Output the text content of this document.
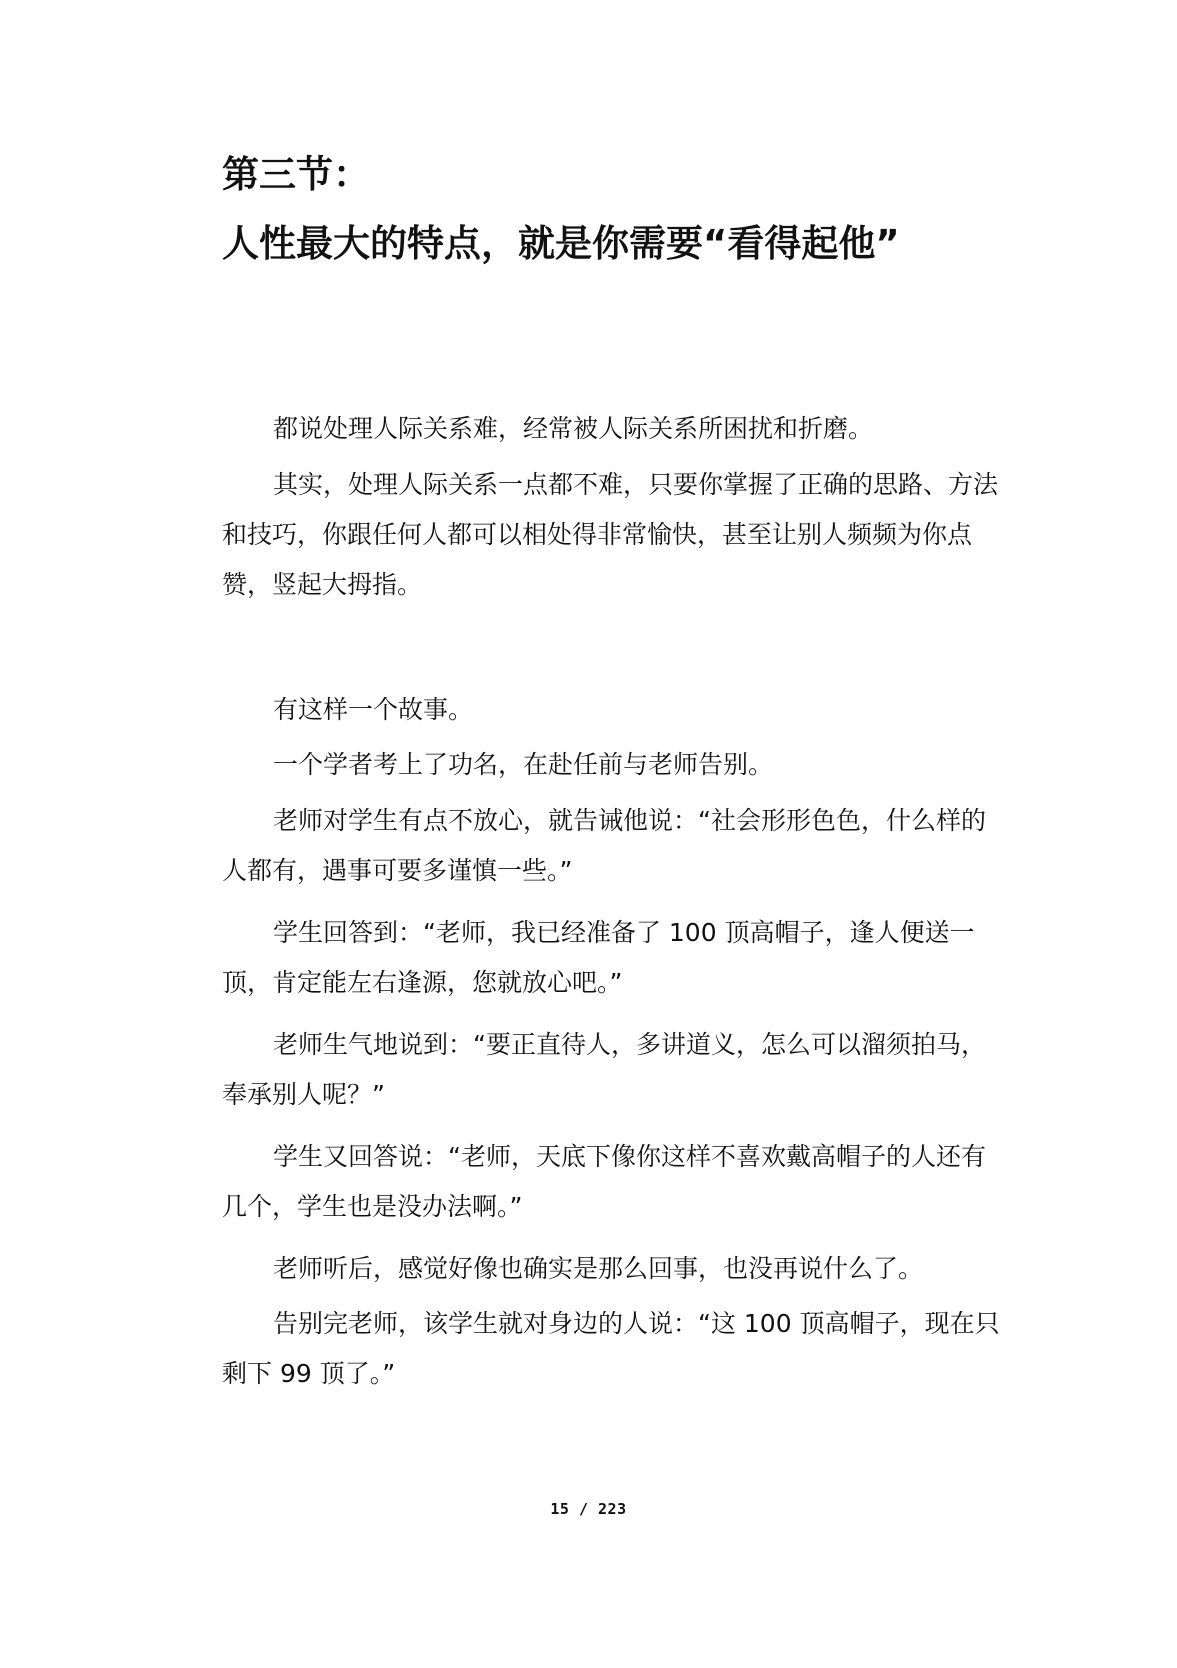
第三节：
人性最大的特点，就是你需要“看得起他”

都说处理人际关系难，经常被人际关系所困扰和折磨。

其实，处理人际关系一点都不难，只要你掌握了正确的思路、方法和技巧，你跟任何人都可以相处得非常愉快，甚至让别人频频为你点赞，竖起大拇指。

有这样一个故事。

一个学者考上了功名，在赴任前与老师告别。

老师对学生有点不放心，就告诫他说：“社会形形色色，什么样的人都有，遇事可要多谨慎一些。”

学生回答到：“老师，我已经准备了 100 顶高帽子，逢人便送一顶，肯定能左右逢源，您就放心吧。”

老师生气地说到：“要正直待人，多讲道义，怎么可以溜须拍马，奉承别人呢？”

学生又回答说：“老师，天底下像你这样不喜欢戴高帽子的人还有几个，学生也是没办法啊。”

老师听后，感觉好像也确实是那么回事，也没再说什么了。

告别完老师，该学生就对身边的人说：“这 100 顶高帽子，现在只剩下 99 顶了。”

15 / 223
